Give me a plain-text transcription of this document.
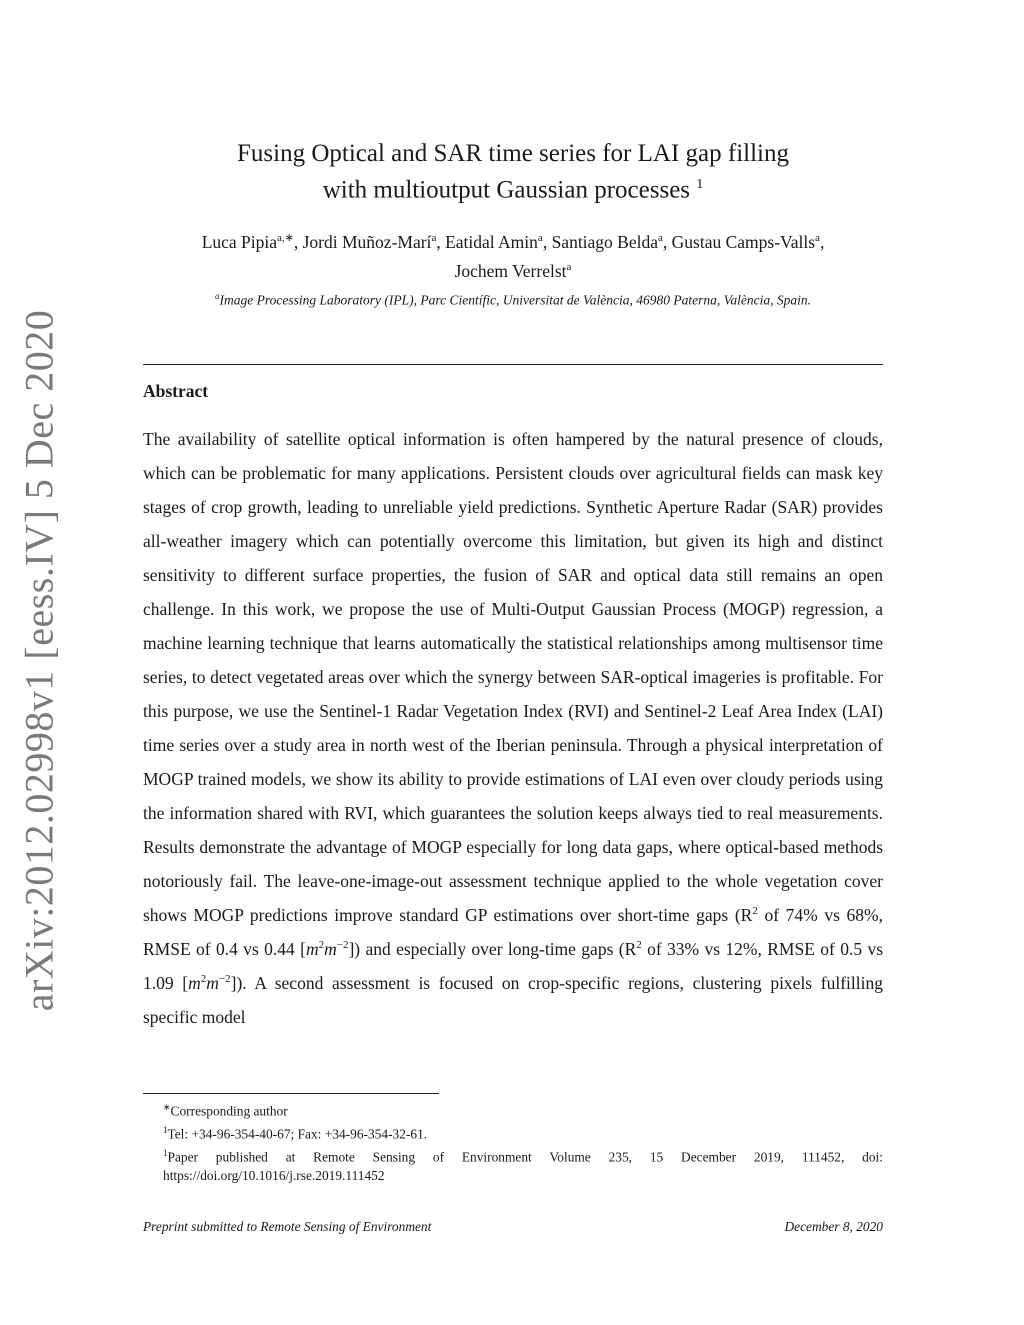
arXiv:2012.02998v1 [eess.IV] 5 Dec 2020
Fusing Optical and SAR time series for LAI gap filling
with multioutput Gaussian processes $^1$
Luca Pipia$^{a,∗}$, Jordi Muñoz-Marí$^a$, Eatidal Amin$^a$, Santiago Belda$^a$, Gustau Camps-Valls$^a$,
Jochem Verrelst$^a$
$^a$Image Processing Laboratory (IPL), Parc Científic, Universitat de València, 46980 Paterna, València, Spain.
Abstract

The availability of satellite optical information is often hampered by the natural presence of clouds, which can be problematic for many applications. Persistent clouds over agricultural fields can mask key stages of crop growth, leading to unreliable yield predictions. Synthetic Aperture Radar (SAR) provides all-weather imagery which can potentially overcome this limitation, but given its high and distinct sensitivity to different surface properties, the fusion of SAR and optical data still remains an open challenge. In this work, we propose the use of Multi-Output Gaussian Process (MOGP) regression, a machine learning technique that learns automatically the statistical relationships among multisensor time series, to detect vegetated areas over which the synergy between SAR-optical imageries is profitable. For this purpose, we use the Sentinel-1 Radar Vegetation Index (RVI) and Sentinel-2 Leaf Area Index (LAI) time series over a study area in north west of the Iberian peninsula. Through a physical interpretation of MOGP trained models, we show its ability to provide estimations of LAI even over cloudy periods using the information shared with RVI, which guarantees the solution keeps always tied to real measurements. Results demonstrate the advantage of MOGP especially for long data gaps, where optical-based methods notoriously fail. The leave-one-image-out assessment technique applied to the whole vegetation cover shows MOGP predictions improve standard GP estimations over short-time gaps ($R^2$ of 74% vs 68%, RMSE of 0.4 vs 0.44 $[m^2m^{-2}]$) and especially over long-time gaps ($R^2$ of 33% vs 12%, RMSE of 0.5 vs 1.09 $[m^2m^{-2}]$). A second assessment is focused on crop-specific regions, clustering pixels fulfilling specific model

∗Corresponding author
$^1$Tel: +34-96-354-40-67; Fax: +34-96-354-32-61.
$^1$Paper published at Remote Sensing of Environment Volume 235, 15 December 2019, 111452, doi: https://doi.org/10.1016/j.rse.2019.111452
Preprint submitted to Remote Sensing of Environment	December 8, 2020
